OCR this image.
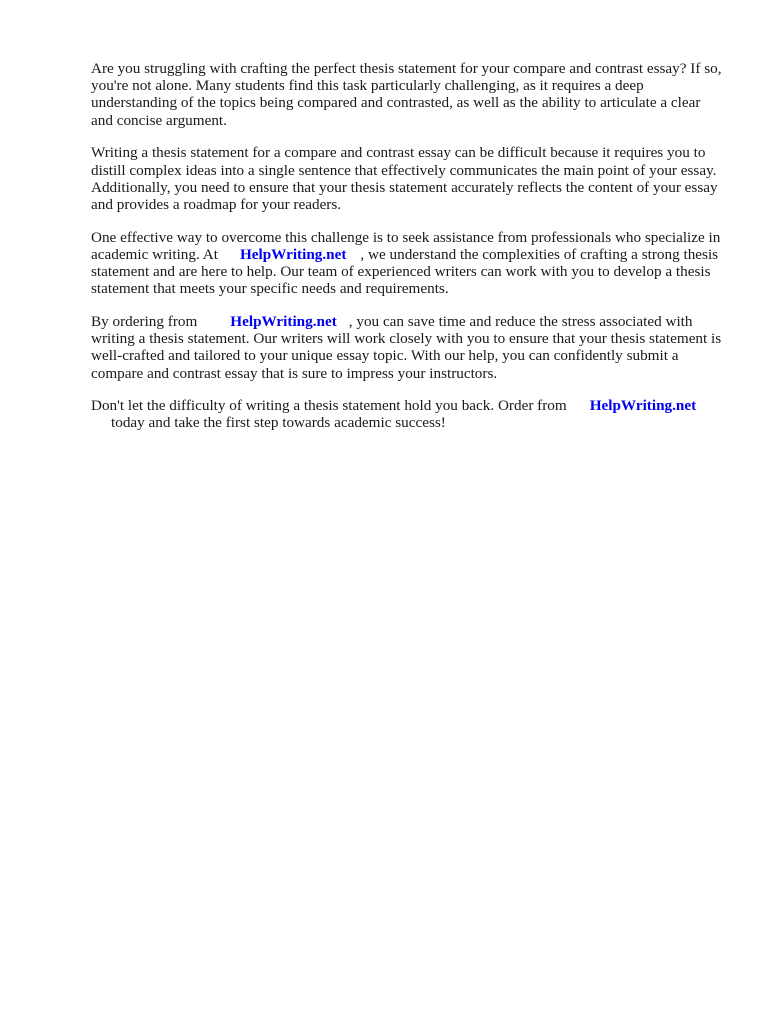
Are you struggling with crafting the perfect thesis statement for your compare and contrast essay? If so, you're not alone. Many students find this task particularly challenging, as it requires a deep understanding of the topics being compared and contrasted, as well as the ability to articulate a clear and concise argument.

Writing a thesis statement for a compare and contrast essay can be difficult because it requires you to distill complex ideas into a single sentence that effectively communicates the main point of your essay. Additionally, you need to ensure that your thesis statement accurately reflects the content of your essay and provides a roadmap for your readers.

One effective way to overcome this challenge is to seek assistance from professionals who specialize in academic writing. At HelpWriting.net , we understand the complexities of crafting a strong thesis statement and are here to help. Our team of experienced writers can work with you to develop a thesis statement that meets your specific needs and requirements.

By ordering from HelpWriting.net , you can save time and reduce the stress associated with writing a thesis statement. Our writers will work closely with you to ensure that your thesis statement is well-crafted and tailored to your unique essay topic. With our help, you can confidently submit a compare and contrast essay that is sure to impress your instructors.

Don't let the difficulty of writing a thesis statement hold you back. Order from HelpWriting.net
today and take the first step towards academic success!
